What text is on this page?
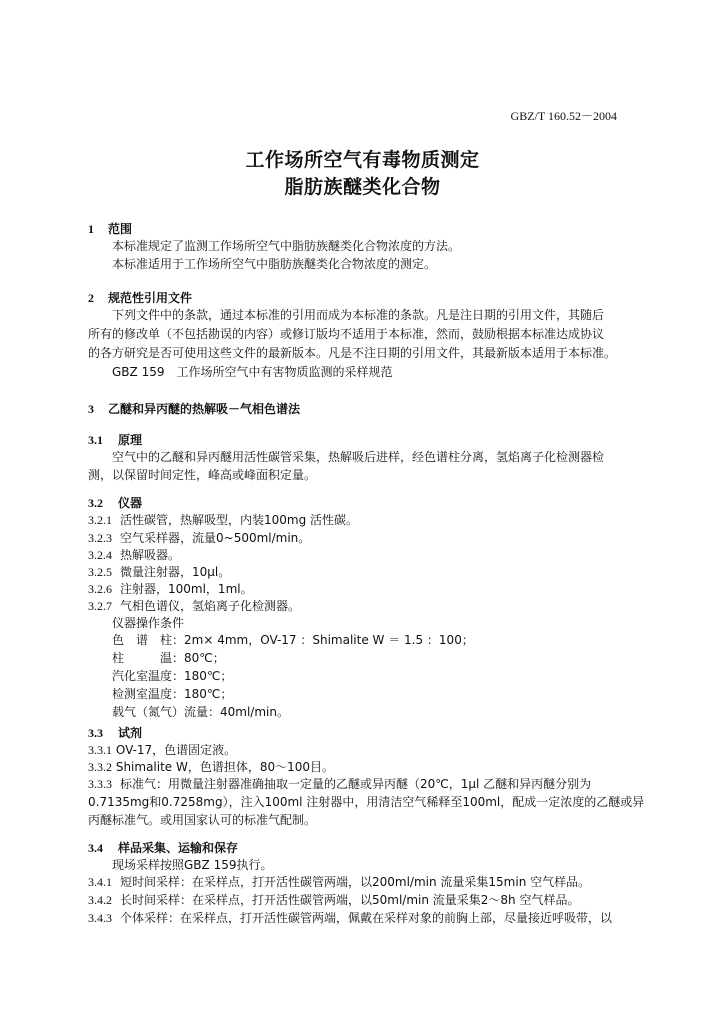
GBZ/T 160.52－2004
工作场所空气有毒物质测定
脂肪族醚类化合物
1 范围
本标准规定了监测工作场所空气中脂肪族醚类化合物浓度的方法。
本标准适用于工作场所空气中脂肪族醚类化合物浓度的测定。
2 规范性引用文件
下列文件中的条款，通过本标准的引用而成为本标准的条款。凡是注日期的引用文件，其随后
所有的修改单（不包括勘误的内容）或修订版均不适用于本标准，然而，鼓励根据本标准达成协议
的各方研究是否可使用这些文件的最新版本。凡是不注日期的引用文件，其最新版本适用于本标准。
GBZ 159　工作场所空气中有害物质监测的采样规范
3 乙醚和异丙醚的热解吸－气相色谱法
3.1 原理
空气中的乙醚和异丙醚用活性碳管采集，热解吸后进样，经色谱柱分离，氢焰离子化检测器检
测，以保留时间定性，峰高或峰面积定量。
3.2 仪器
3.2.1 活性碳管，热解吸型，内装100mg 活性碳。
3.2.3 空气采样器，流量0~500ml/min。
3.2.4 热解吸器。
3.2.5 微量注射器，10µl。
3.2.6 注射器，100ml，1ml。
3.2.7 气相色谱仪，氢焰离子化检测器。
仪器操作条件
色　谱　柱：2m× 4mm，OV-17 ：Shimalite W ＝ 1.5 ：100；
柱　　　温：80℃；
汽化室温度：180℃；
检测室温度：180℃；
载气（氮气）流量：40ml/min。
3.3 试剂
3.3.1 OV-17，色谱固定液。
3.3.2 Shimalite W，色谱担体，80～100目。
3.3.3 标准气：用微量注射器准确抽取一定量的乙醚或异丙醚（20℃，1µl 乙醚和异丙醚分别为
0.7135mg和0.7258mg），注入100ml 注射器中，用清洁空气稀释至100ml，配成一定浓度的乙醚或异
丙醚标准气。或用国家认可的标准气配制。
3.4 样品采集、运输和保存
现场采样按照GBZ 159执行。
3.4.1 短时间采样：在采样点，打开活性碳管两端，以200ml/min 流量采集15min 空气样品。
3.4.2 长时间采样：在采样点，打开活性碳管两端，以50ml/min 流量采集2～8h 空气样品。
3.4.3 个体采样：在采样点，打开活性碳管两端，佩戴在采样对象的前胸上部，尽量接近呼吸带，以
